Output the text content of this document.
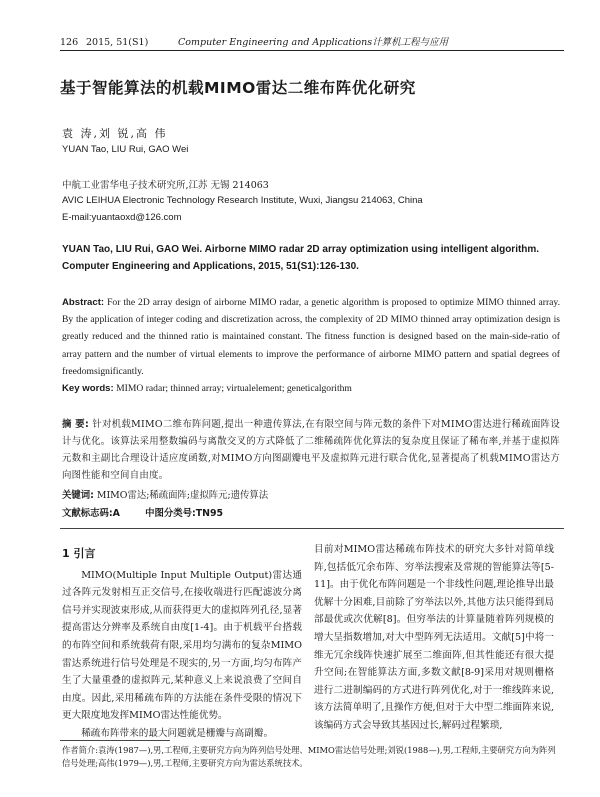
126 2015, 51(S1)	Computer Engineering and Applications计算机工程与应用
基于智能算法的机载MIMO雷达二维布阵优化研究
袁 涛,刘 锐,高 伟
YUAN Tao, LIU Rui, GAO Wei
中航工业雷华电子技术研究所,江苏 无锡 214063
AVIC LEIHUA Electronic Technology Research Institute, Wuxi, Jiangsu 214063, China
E-mail:yuantaoxd@126.com
YUAN Tao, LIU Rui, GAO Wei. Airborne MIMO radar 2D array optimization using intelligent algorithm. Computer Engineering and Applications, 2015, 51(S1):126-130.
Abstract: For the 2D array design of airborne MIMO radar, a genetic algorithm is proposed to optimize MIMO thinned array. By the application of integer coding and discretization across, the complexity of 2D MIMO thinned array optimization design is greatly reduced and the thinned ratio is maintained constant. The fitness function is designed based on the main-side-ratio of array pattern and the number of virtual elements to improve the performance of airborne MIMO pattern and spatial degrees of freedomsignificantly.
Key words: MIMO radar; thinned array; virtualelement; geneticalgorithm
摘 要: 针对机载MIMO二维布阵问题,提出一种遗传算法,在有限空间与阵元数的条件下对MIMO雷达进行稀疏面阵设计与优化。该算法采用整数编码与离散交叉的方式降低了二维稀疏阵优化算法的复杂度且保证了稀布率,并基于虚拟阵元数和主副比合理设计适应度函数,对MIMO方向图副瓣电平及虚拟阵元进行联合优化,显著提高了机载MIMO雷达方向图性能和空间自由度。
关键词: MIMO雷达;稀疏面阵;虚拟阵元;遗传算法
文献标志码:A	中图分类号:TN95
1 引言

MIMO(Multiple Input Multiple Output)雷达通过各阵元发射相互正交信号,在接收端进行匹配滤波分离信号并实现波束形成,从而获得更大的虚拟阵列孔径,显著提高雷达分辨率及系统自由度[1-4]。由于机载平台搭载的布阵空间和系统载荷有限,采用均匀满布的复杂MIMO雷达系统进行信号处理是不现实的,另一方面,均匀布阵产生了大量重叠的虚拟阵元,某种意义上来说浪费了空间自由度。因此,采用稀疏布阵的方法能在条件受限的情况下更大限度地发挥MIMO雷达性能优势。

稀疏布阵带来的最大问题就是栅瓣与高副瓣。

目前对MIMO雷达稀疏布阵技术的研究大多针对简单线阵,包括低冗余布阵、穷举法搜索及常规的智能算法等[5-11]。由于优化布阵问题是一个非线性问题,理论推导出最优解十分困难,目前除了穷举法以外,其他方法只能得到局部最优或次优解[8]。但穷举法的计算量随着阵列规模的增大呈指数增加,对大中型阵列无法适用。文献[5]中将一维无冗余线阵快速扩展至二维面阵,但其性能还有很大提升空间;在智能算法方面,多数文献[8-9]采用对规则栅格进行二进制编码的方式进行阵列优化,对于一维线阵来说,该方法简单明了,且操作方便,但对于大中型二维面阵来说,该编码方式会导致其基因过长,解码过程繁琐,

作者简介:袁涛(1987—),男,工程师,主要研究方向为阵列信号处理、MIMO雷达信号处理;刘锐(1988—),男,工程师,主要研究方向为阵列信号处理;高伟(1979—),男,工程师,主要研究方向为雷达系统技术。
